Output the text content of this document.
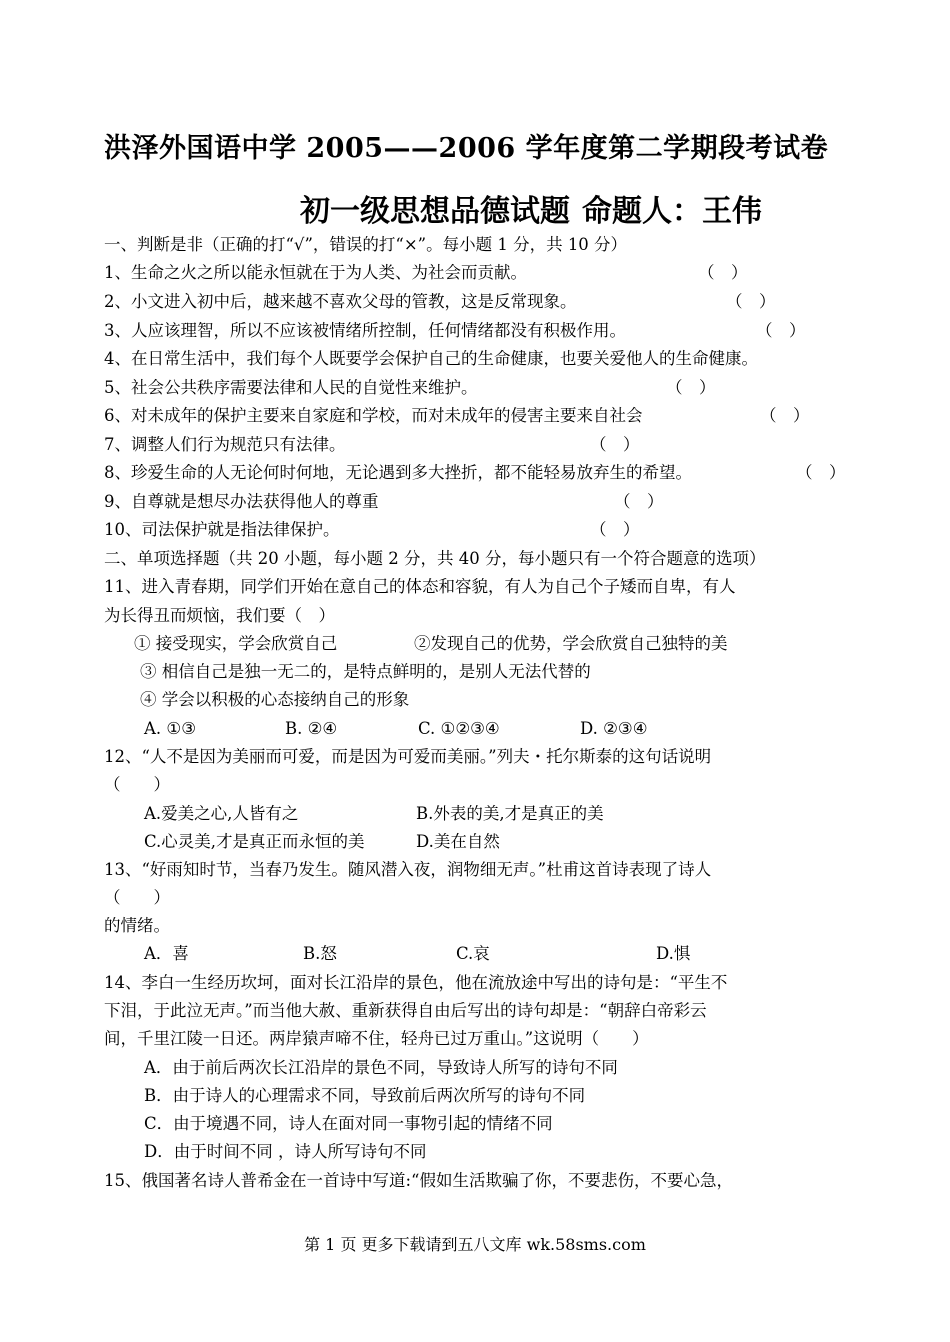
洪泽外国语中学 2005——2006 学年度第二学期段考试卷
初一级思想品德试题 命题人：王伟
一、判断是非（正确的打“√”，错误的打“×”。每小题 1 分，共 10 分）
1、生命之火之所以能永恒就在于为人类、为社会而贡献。	（　）
2、小文进入初中后，越来越不喜欢父母的管教，这是反常现象。	（　）
3、人应该理智，所以不应该被情绪所控制，任何情绪都没有积极作用。	（　）
4、在日常生活中，我们每个人既要学会保护自己的生命健康，也要关爱他人的生命健康。
5、社会公共秩序需要法律和人民的自觉性来维护。	（　）
6、对未成年的保护主要来自家庭和学校，而对未成年的侵害主要来自社会	（　）
7、调整人们行为规范只有法律。	（　）
8、珍爱生命的人无论何时何地，无论遇到多大挫折，都不能轻易放弃生的希望。	（　）
9、自尊就是想尽办法获得他人的尊重	（　）
10、司法保护就是指法律保护。	（　）
二、单项选择题（共 20 小题，每小题 2 分，共 40 分，每小题只有一个符合题意的选项）
11、进入青春期，同学们开始在意自己的体态和容貌，有人为自己个子矮而自卑，有人
为长得丑而烦恼，我们要（　）
① 接受现实，学会欣赏自己	②发现自己的优势，学会欣赏自己独特的美
③ 相信自己是独一无二的，是特点鲜明的，是别人无法代替的
④ 学会以积极的心态接纳自己的形象
A. ①③	B. ②④	C. ①②③④	D. ②③④
12、“人不是因为美丽而可爱，而是因为可爱而美丽。”列夫・托尔斯泰的这句话说明
（　　）
A.爱美之心,人皆有之	B.外表的美,才是真正的美
C.心灵美,才是真正而永恒的美	D.美在自然
13、“好雨知时节，当春乃发生。随风潜入夜，润物细无声。”杜甫这首诗表现了诗人
（　　）
的情绪。
A．喜	B.怒	C.哀	D.惧
14、李白一生经历坎坷，面对长江沿岸的景色，他在流放途中写出的诗句是：“平生不
下泪，于此泣无声。”而当他大赦、重新获得自由后写出的诗句却是：“朝辞白帝彩云
间，千里江陵一日还。两岸猿声啼不住，轻舟已过万重山。”这说明（　　）
A．由于前后两次长江沿岸的景色不同，导致诗人所写的诗句不同
B．由于诗人的心理需求不同，导致前后两次所写的诗句不同
C．由于境遇不同，诗人在面对同一事物引起的情绪不同
D．由于时间不同 ，诗人所写诗句不同
15、俄国著名诗人普希金在一首诗中写道:“假如生活欺骗了你，不要悲伤，不要心急，
第 1 页 更多下载请到五八文库 wk.58sms.com
